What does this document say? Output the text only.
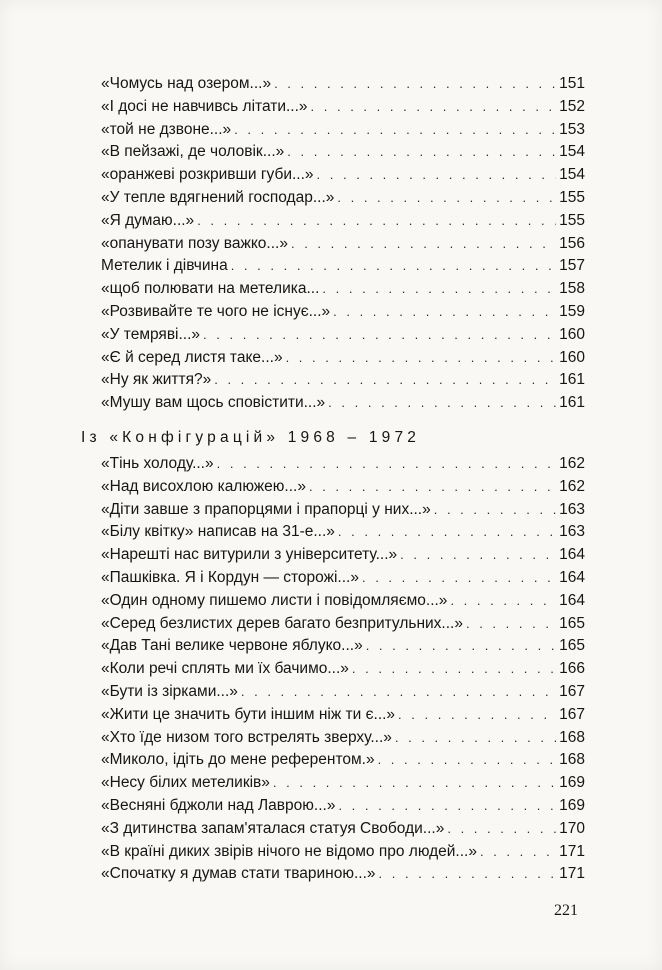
«Чомусь над озером...» . . .	151
«І досі не навчивсь літати...» . . .	152
«той не дзвоне...» . . .	153
«В пейзажі, де чоловік...» . . .	154
«оранжеві розкривши губи...» . . .	154
«У тепле вдягнений господар...» . . .	155
«Я думаю...» . . .	155
«опанувати позу важко...» . . .	156
Метелик і дівчина . . .	157
«щоб полювати на метелика... . . .	158
«Розвивайте те чого не існує...» . . .	159
«У темряві...» . . .	160
«Є й серед листя таке...» . . .	160
«Ну як життя?» . . .	161
«Мушу вам щось сповістити...» . . .	161
Із «Конфігурацій» 1968 – 1972
«Тінь холоду...» . . .	162
«Над висохлою калюжею...» . . .	162
«Діти завше з прапорцями і прапорці у них...» . . .	163
«Білу квітку» написав на 31-е...» . . .	163
«Нарешті нас витурили з університету...» . . .	164
«Пашківка. Я і Кордун — сторожі...» . . .	164
«Один одному пишемо листи і повідомляємо...» . . .	164
«Серед безлистих дерев багато безпритульних...» . . .	165
«Дав Тані велике червоне яблуко...» . . .	165
«Коли речі сплять ми їх бачимо...» . . .	166
«Бути із зірками...» . . .	167
«Жити це значить бути іншим ніж ти є...» . . .	167
«Хто їде низом того встрелять зверху...» . . .	168
«Миколо, ідіть до мене референтом.» . . .	168
«Несу білих метеликів» . . .	169
«Весняні бджоли над Лаврою...» . . .	169
«З дитинства запам'яталася статуя Свободи...» . . .	170
«В країні диких звірів нічого не відомо про людей...» . . .	171
«Спочатку я думав стати твариною...» . . .	171
221
